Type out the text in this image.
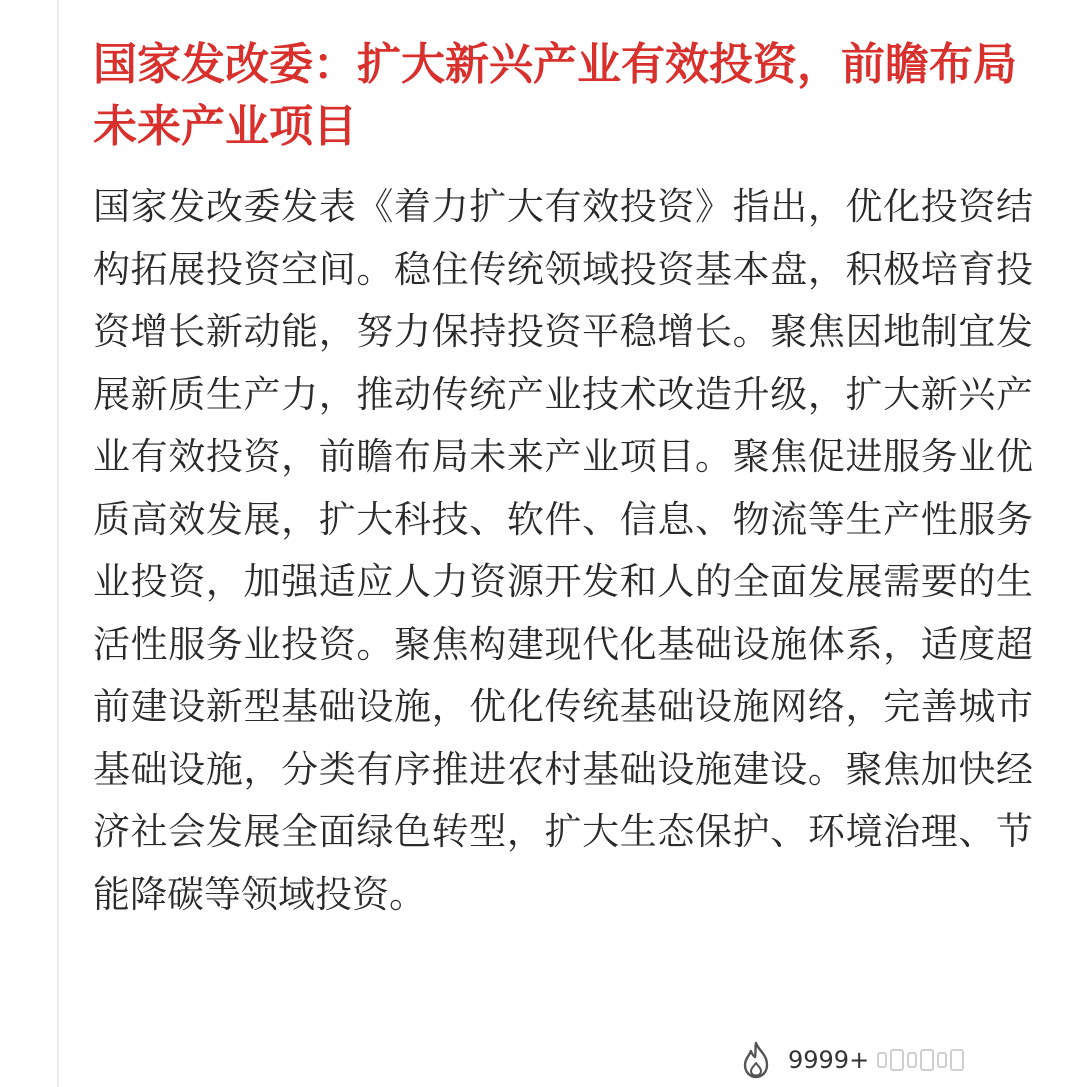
国家发改委：扩大新兴产业有效投资，前瞻布局未来产业项目

国家发改委发表《着力扩大有效投资》指出，优化投资结构拓展投资空间。稳住传统领域投资基本盘，积极培育投资增长新动能，努力保持投资平稳增长。聚焦因地制宜发展新质生产力，推动传统产业技术改造升级，扩大新兴产业有效投资，前瞻布局未来产业项目。聚焦促进服务业优质高效发展，扩大科技、软件、信息、物流等生产性服务业投资，加强适应人力资源开发和人的全面发展需要的生活性服务业投资。聚焦构建现代化基础设施体系，适度超前建设新型基础设施，优化传统基础设施网络，完善城市基础设施，分类有序推进农村基础设施建设。聚焦加快经济社会发展全面绿色转型，扩大生态保护、环境治理、节能降碳等领域投资。

9999+
